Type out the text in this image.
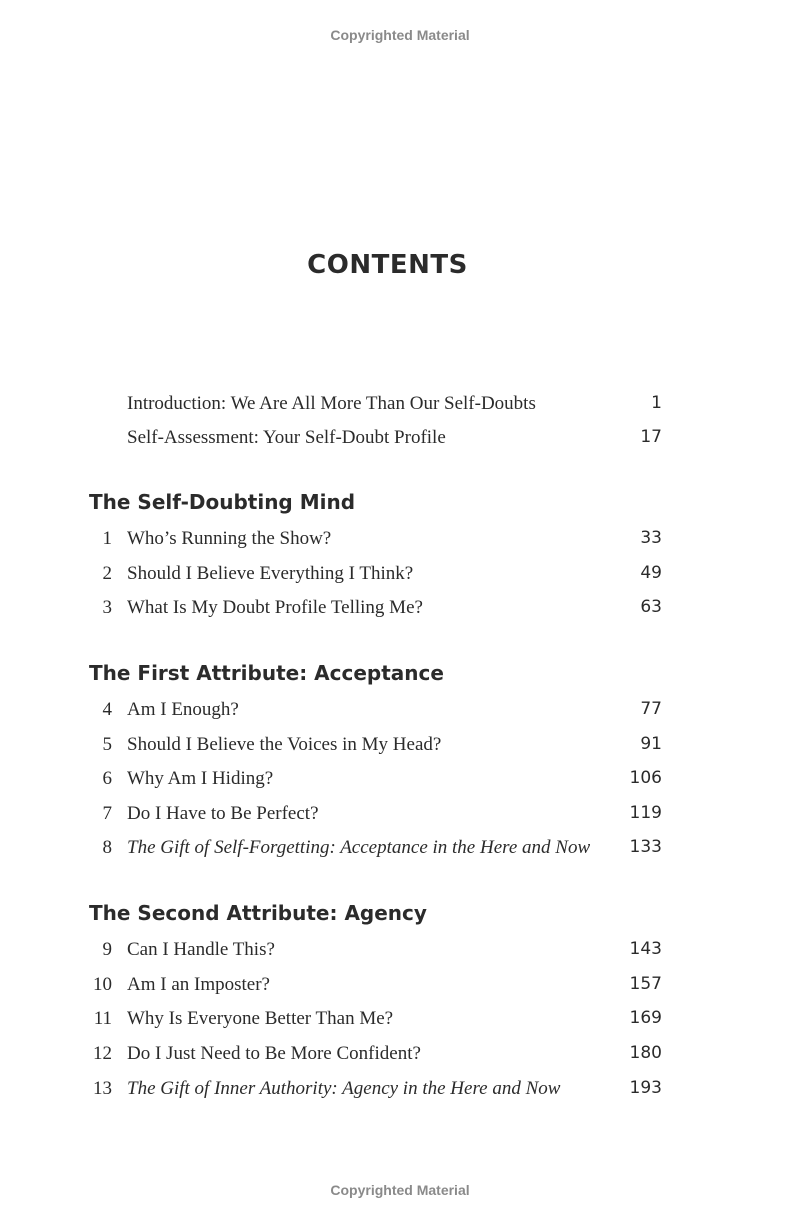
Copyrighted Material
CONTENTS
Introduction: We Are All More Than Our Self-Doubts	1
Self-Assessment: Your Self-Doubt Profile	17
The Self-Doubting Mind
1 Who’s Running the Show?	33
2 Should I Believe Everything I Think?	49
3 What Is My Doubt Profile Telling Me?	63
The First Attribute: Acceptance
4 Am I Enough?	77
5 Should I Believe the Voices in My Head?	91
6 Why Am I Hiding?	106
7 Do I Have to Be Perfect?	119
8 The Gift of Self-Forgetting: Acceptance in the Here and Now 133
The Second Attribute: Agency
9 Can I Handle This?	143
10 Am I an Imposter?	157
11 Why Is Everyone Better Than Me?	169
12 Do I Just Need to Be More Confident?	180
13 The Gift of Inner Authority: Agency in the Here and Now	193
Copyrighted Material
